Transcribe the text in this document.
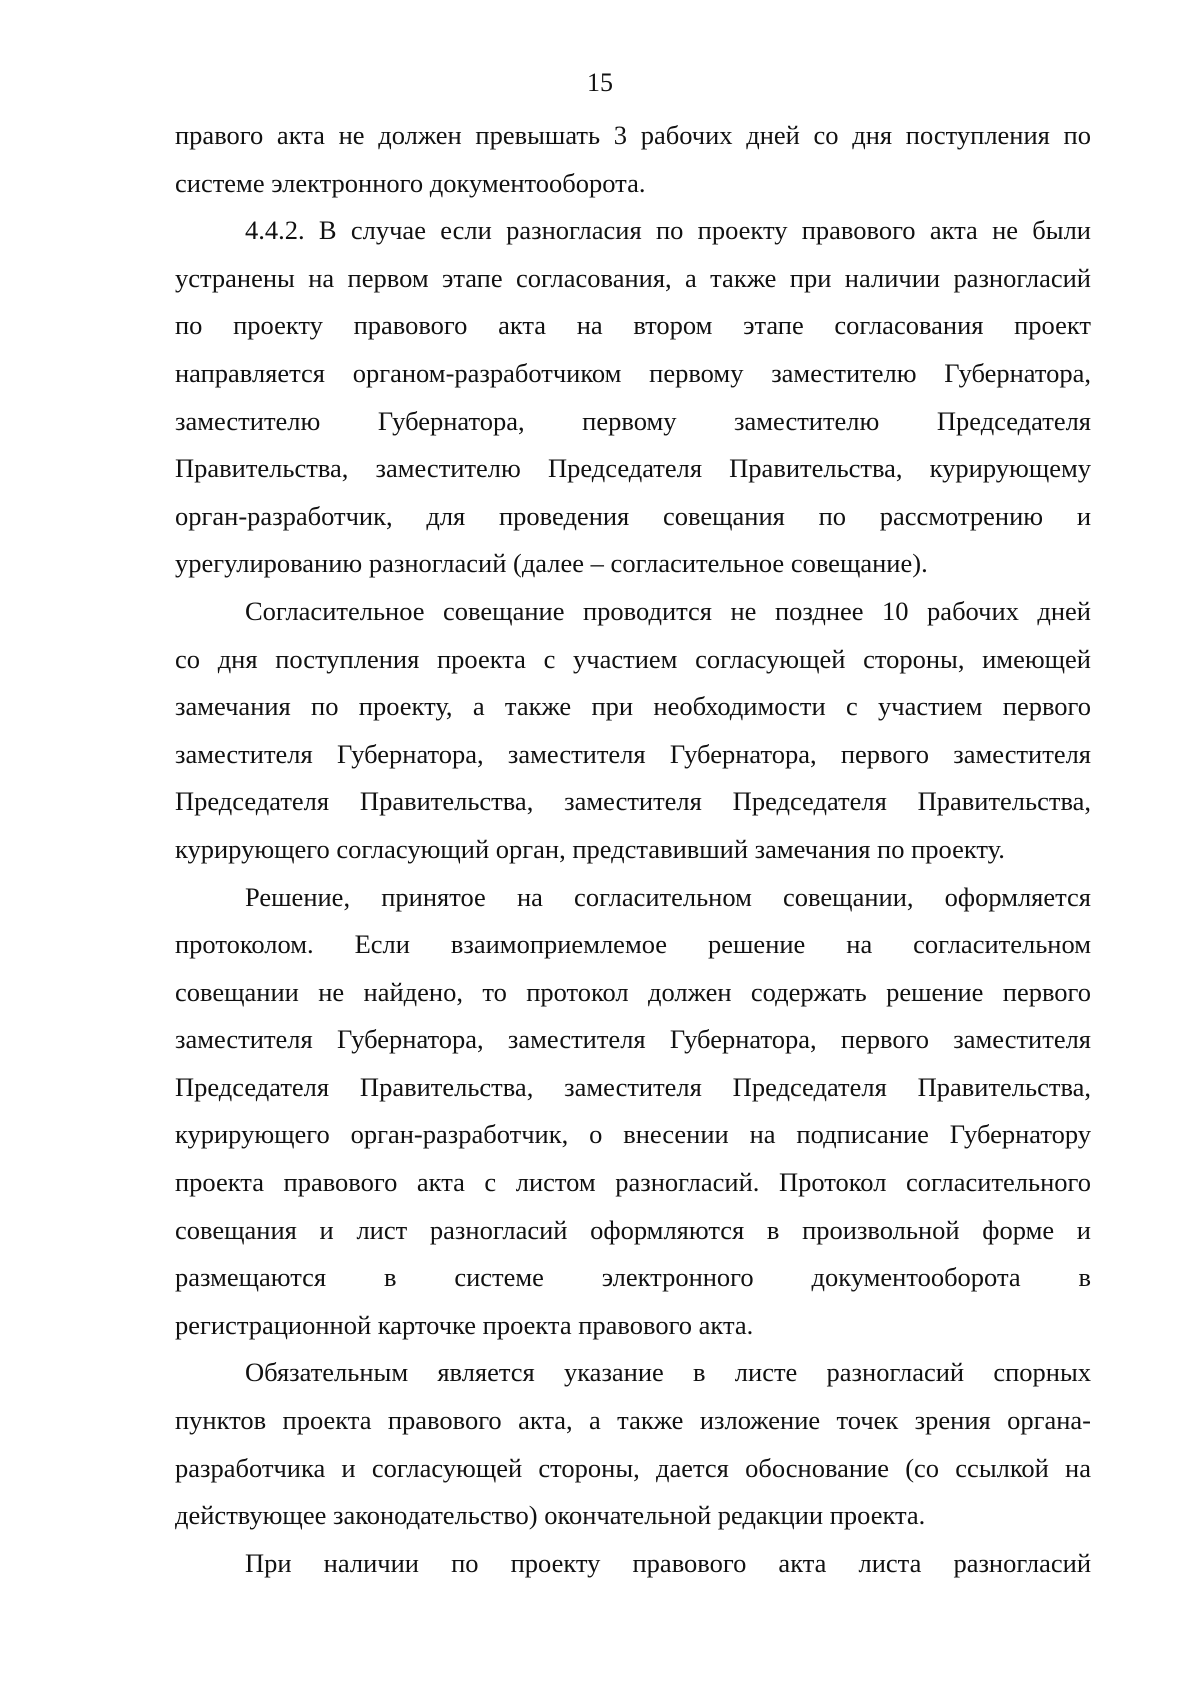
15
правого акта не должен превышать 3 рабочих дней со дня поступления по
системе электронного документооборота.
4.4.2. В случае если разногласия по проекту правового акта не были
устранены на первом этапе согласования, а также при наличии разногласий
по проекту правового акта на втором этапе согласования проект
направляется органом-разработчиком первому заместителю Губернатора,
заместителю Губернатора, первому заместителю Председателя
Правительства, заместителю Председателя Правительства, курирующему
орган-разработчик, для проведения совещания по рассмотрению и
урегулированию разногласий (далее – согласительное совещание).
Согласительное совещание проводится не позднее 10 рабочих дней
со дня поступления проекта с участием согласующей стороны, имеющей
замечания по проекту, а также при необходимости с участием первого
заместителя Губернатора, заместителя Губернатора, первого заместителя
Председателя Правительства, заместителя Председателя Правительства,
курирующего согласующий орган, представивший замечания по проекту.
Решение, принятое на согласительном совещании, оформляется
протоколом. Если взаимоприемлемое решение на согласительном
совещании не найдено, то протокол должен содержать решение первого
заместителя Губернатора, заместителя Губернатора, первого заместителя
Председателя Правительства, заместителя Председателя Правительства,
курирующего орган-разработчик, о внесении на подписание Губернатору
проекта правового акта с листом разногласий. Протокол согласительного
совещания и лист разногласий оформляются в произвольной форме и
размещаются в системе электронного документооборота в
регистрационной карточке проекта правового акта.
Обязательным является указание в листе разногласий спорных
пунктов проекта правового акта, а также изложение точек зрения органа-
разработчика и согласующей стороны, дается обоснование (со ссылкой на
действующее законодательство) окончательной редакции проекта.
При наличии по проекту правового акта листа разногласий
